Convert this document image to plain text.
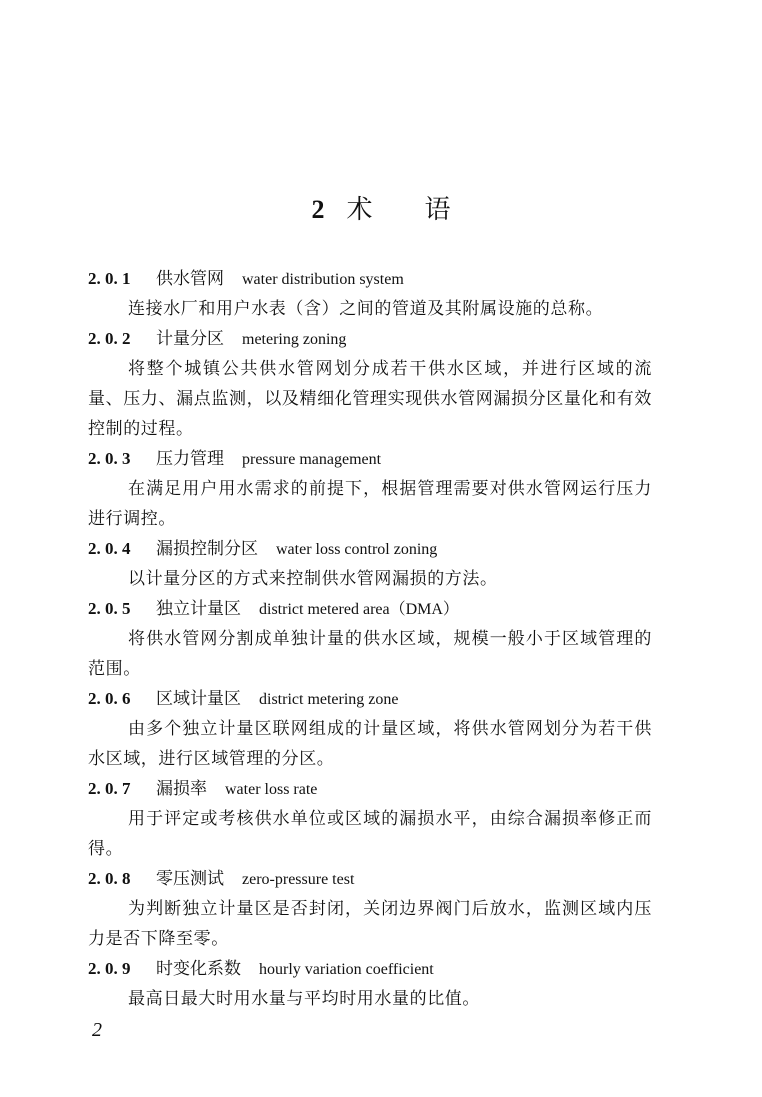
2 术 语
2. 0. 1 供水管网 water distribution system
连接水厂和用户水表（含）之间的管道及其附属设施的总称。
2. 0. 2 计量分区 metering zoning
将整个城镇公共供水管网划分成若干供水区域，并进行区域的流量、压力、漏点监测，以及精细化管理实现供水管网漏损分区量化和有效控制的过程。
2. 0. 3 压力管理 pressure management
在满足用户用水需求的前提下，根据管理需要对供水管网运行压力进行调控。
2. 0. 4 漏损控制分区 water loss control zoning
以计量分区的方式来控制供水管网漏损的方法。
2. 0. 5 独立计量区 district metered area（DMA）
将供水管网分割成单独计量的供水区域，规模一般小于区域管理的范围。
2. 0. 6 区域计量区 district metering zone
由多个独立计量区联网组成的计量区域，将供水管网划分为若干供水区域，进行区域管理的分区。
2. 0. 7 漏损率 water loss rate
用于评定或考核供水单位或区域的漏损水平，由综合漏损率修正而得。
2. 0. 8 零压测试 zero-pressure test
为判断独立计量区是否封闭，关闭边界阀门后放水，监测区域内压力是否下降至零。
2. 0. 9 时变化系数 hourly variation coefficient
最高日最大时用水量与平均时用水量的比值。
2
